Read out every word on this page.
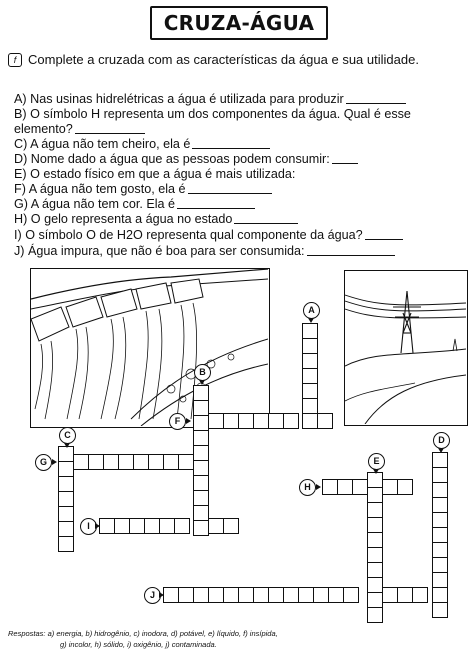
CRUZA-ÁGUA
f Complete a cruzada com as características da água e sua utilidade.
A) Nas usinas hidrelétricas a água é utilizada para produzir
B) O símbolo H representa um dos componentes da água. Qual é esse
elemento?
C) A água não tem cheiro, ela é
D) Nome dado a água que as pessoas podem consumir:
E) O estado físico em que a água é mais utilizada:
F) A água não tem gosto, ela é
G) A água não tem cor. Ela é
H) O gelo representa a água no estado
I) O símbolo O de H2O representa qual componente da água?
J) Água impura, que não é boa para ser consumida:
A
B
F
C
G
D
E
H
I
J
Respostas: a) energia, b) hidrogênio, c) inodora, d) potável, e) líquido, f) insípida,
g) incolor, h) sólido, i) oxigênio, j) contaminada.
